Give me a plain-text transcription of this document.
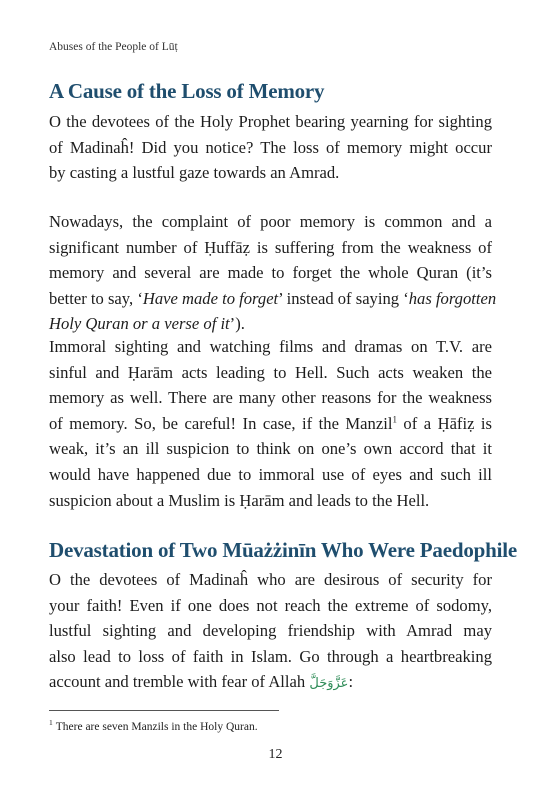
Abuses of the People of Lūṭ
A Cause of the Loss of Memory
O the devotees of the Holy Prophet bearing yearning for sighting
of Madinaĥ! Did you notice? The loss of memory might occur
by casting a lustful gaze towards an Amrad.
Nowadays, the complaint of poor memory is common and a
significant number of Ḥuffāẓ is suffering from the weakness of
memory and several are made to forget the whole Quran (it’s
better to say, ‘Have made to forget’ instead of saying ‘has forgotten
Holy Quran or a verse of it’).
Immoral sighting and watching films and dramas on T.V. are
sinful and Ḥarām acts leading to Hell. Such acts weaken the
memory as well. There are many other reasons for the weakness
of memory. So, be careful! In case, if the Manzil$^1$ of a Ḥāfiẓ is
weak, it’s an ill suspicion to think on one’s own accord that it
would have happened due to immoral use of eyes and such ill
suspicion about a Muslim is Ḥarām and leads to the Hell.
Devastation of Two Mūażżinīn Who Were Paedophile
O the devotees of Madinaĥ who are desirous of security for
your faith! Even if one does not reach the extreme of sodomy,
lustful sighting and developing friendship with Amrad may
also lead to loss of faith in Islam. Go through a heartbreaking
account and tremble with fear of Allah عَزَّوَجَلَّ:
$^1$ There are seven Manzils in the Holy Quran.
12
